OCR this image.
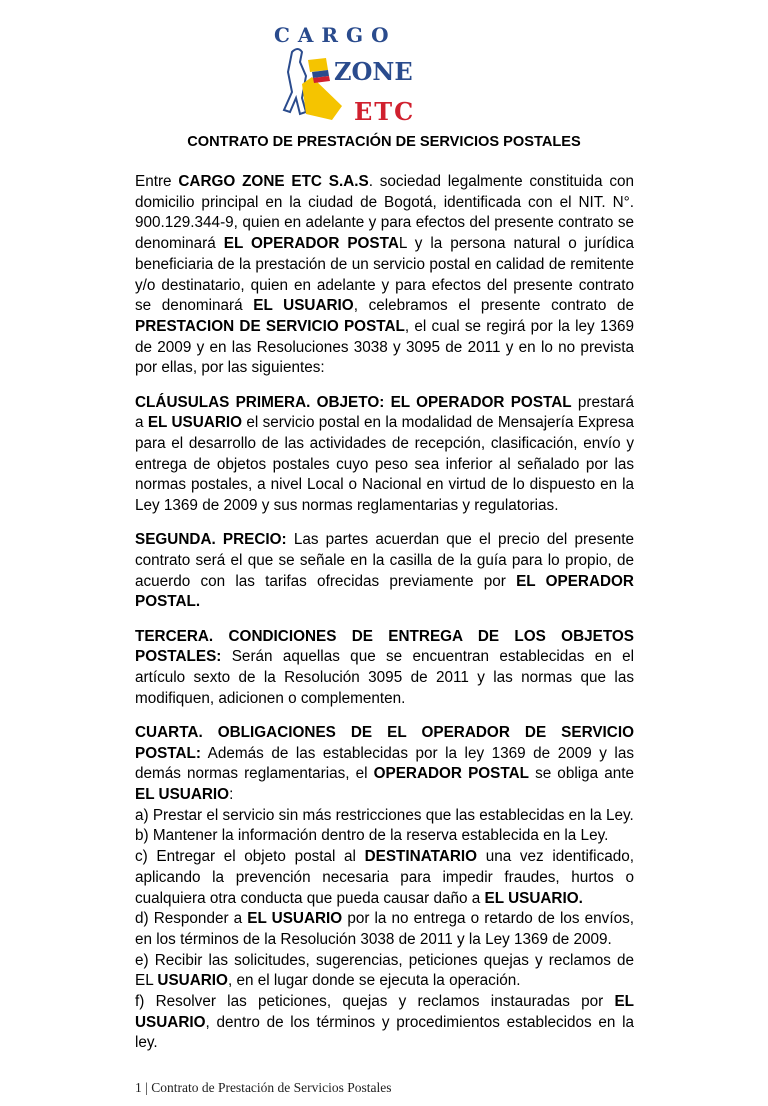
CARGO
ZONE
ETC
CONTRATO DE PRESTACIÓN DE SERVICIOS POSTALES

Entre CARGO ZONE ETC S.A.S. sociedad legalmente constituida con domicilio principal en la ciudad de Bogotá, identificada con el NIT. N°. 900.129.344-9, quien en adelante y para efectos del presente contrato se denominará EL OPERADOR POSTAL y la persona natural o jurídica beneficiaria de la prestación de un servicio postal en calidad de remitente y/o destinatario, quien en adelante y para efectos del presente contrato se denominará EL USUARIO, celebramos el presente contrato de PRESTACION DE SERVICIO POSTAL, el cual se regirá por la ley 1369 de 2009 y en las Resoluciones 3038 y 3095 de 2011 y en lo no prevista por ellas, por las siguientes:

CLÁUSULAS PRIMERA. OBJETO: EL OPERADOR POSTAL prestará a EL USUARIO el servicio postal en la modalidad de Mensajería Expresa para el desarrollo de las actividades de recepción, clasificación, envío y entrega de objetos postales cuyo peso sea inferior al señalado por las normas postales, a nivel Local o Nacional en virtud de lo dispuesto en la Ley 1369 de 2009 y sus normas reglamentarias y regulatorias.

SEGUNDA. PRECIO: Las partes acuerdan que el precio del presente contrato será el que se señale en la casilla de la guía para lo propio, de acuerdo con las tarifas ofrecidas previamente por EL OPERADOR POSTAL.

TERCERA. CONDICIONES DE ENTREGA DE LOS OBJETOS POSTALES: Serán aquellas que se encuentran establecidas en el artículo sexto de la Resolución 3095 de 2011 y las normas que las modifiquen, adicionen o complementen.

CUARTA. OBLIGACIONES DE EL OPERADOR DE SERVICIO POSTAL: Además de las establecidas por la ley 1369 de 2009 y las demás normas reglamentarias, el OPERADOR POSTAL se obliga ante EL USUARIO:

a) Prestar el servicio sin más restricciones que las establecidas en la Ley.

b) Mantener la información dentro de la reserva establecida en la Ley.

c) Entregar el objeto postal al DESTINATARIO una vez identificado, aplicando la prevención necesaria para impedir fraudes, hurtos o cualquiera otra conducta que pueda causar daño a EL USUARIO.

d) Responder a EL USUARIO por la no entrega o retardo de los envíos, en los términos de la Resolución 3038 de 2011 y la Ley 1369 de 2009.

e) Recibir las solicitudes, sugerencias, peticiones quejas y reclamos de EL USUARIO, en el lugar donde se ejecuta la operación.

f) Resolver las peticiones, quejas y reclamos instauradas por EL USUARIO, dentro de los términos y procedimientos establecidos en la ley.

1 | Contrato de Prestación de Servicios Postales
